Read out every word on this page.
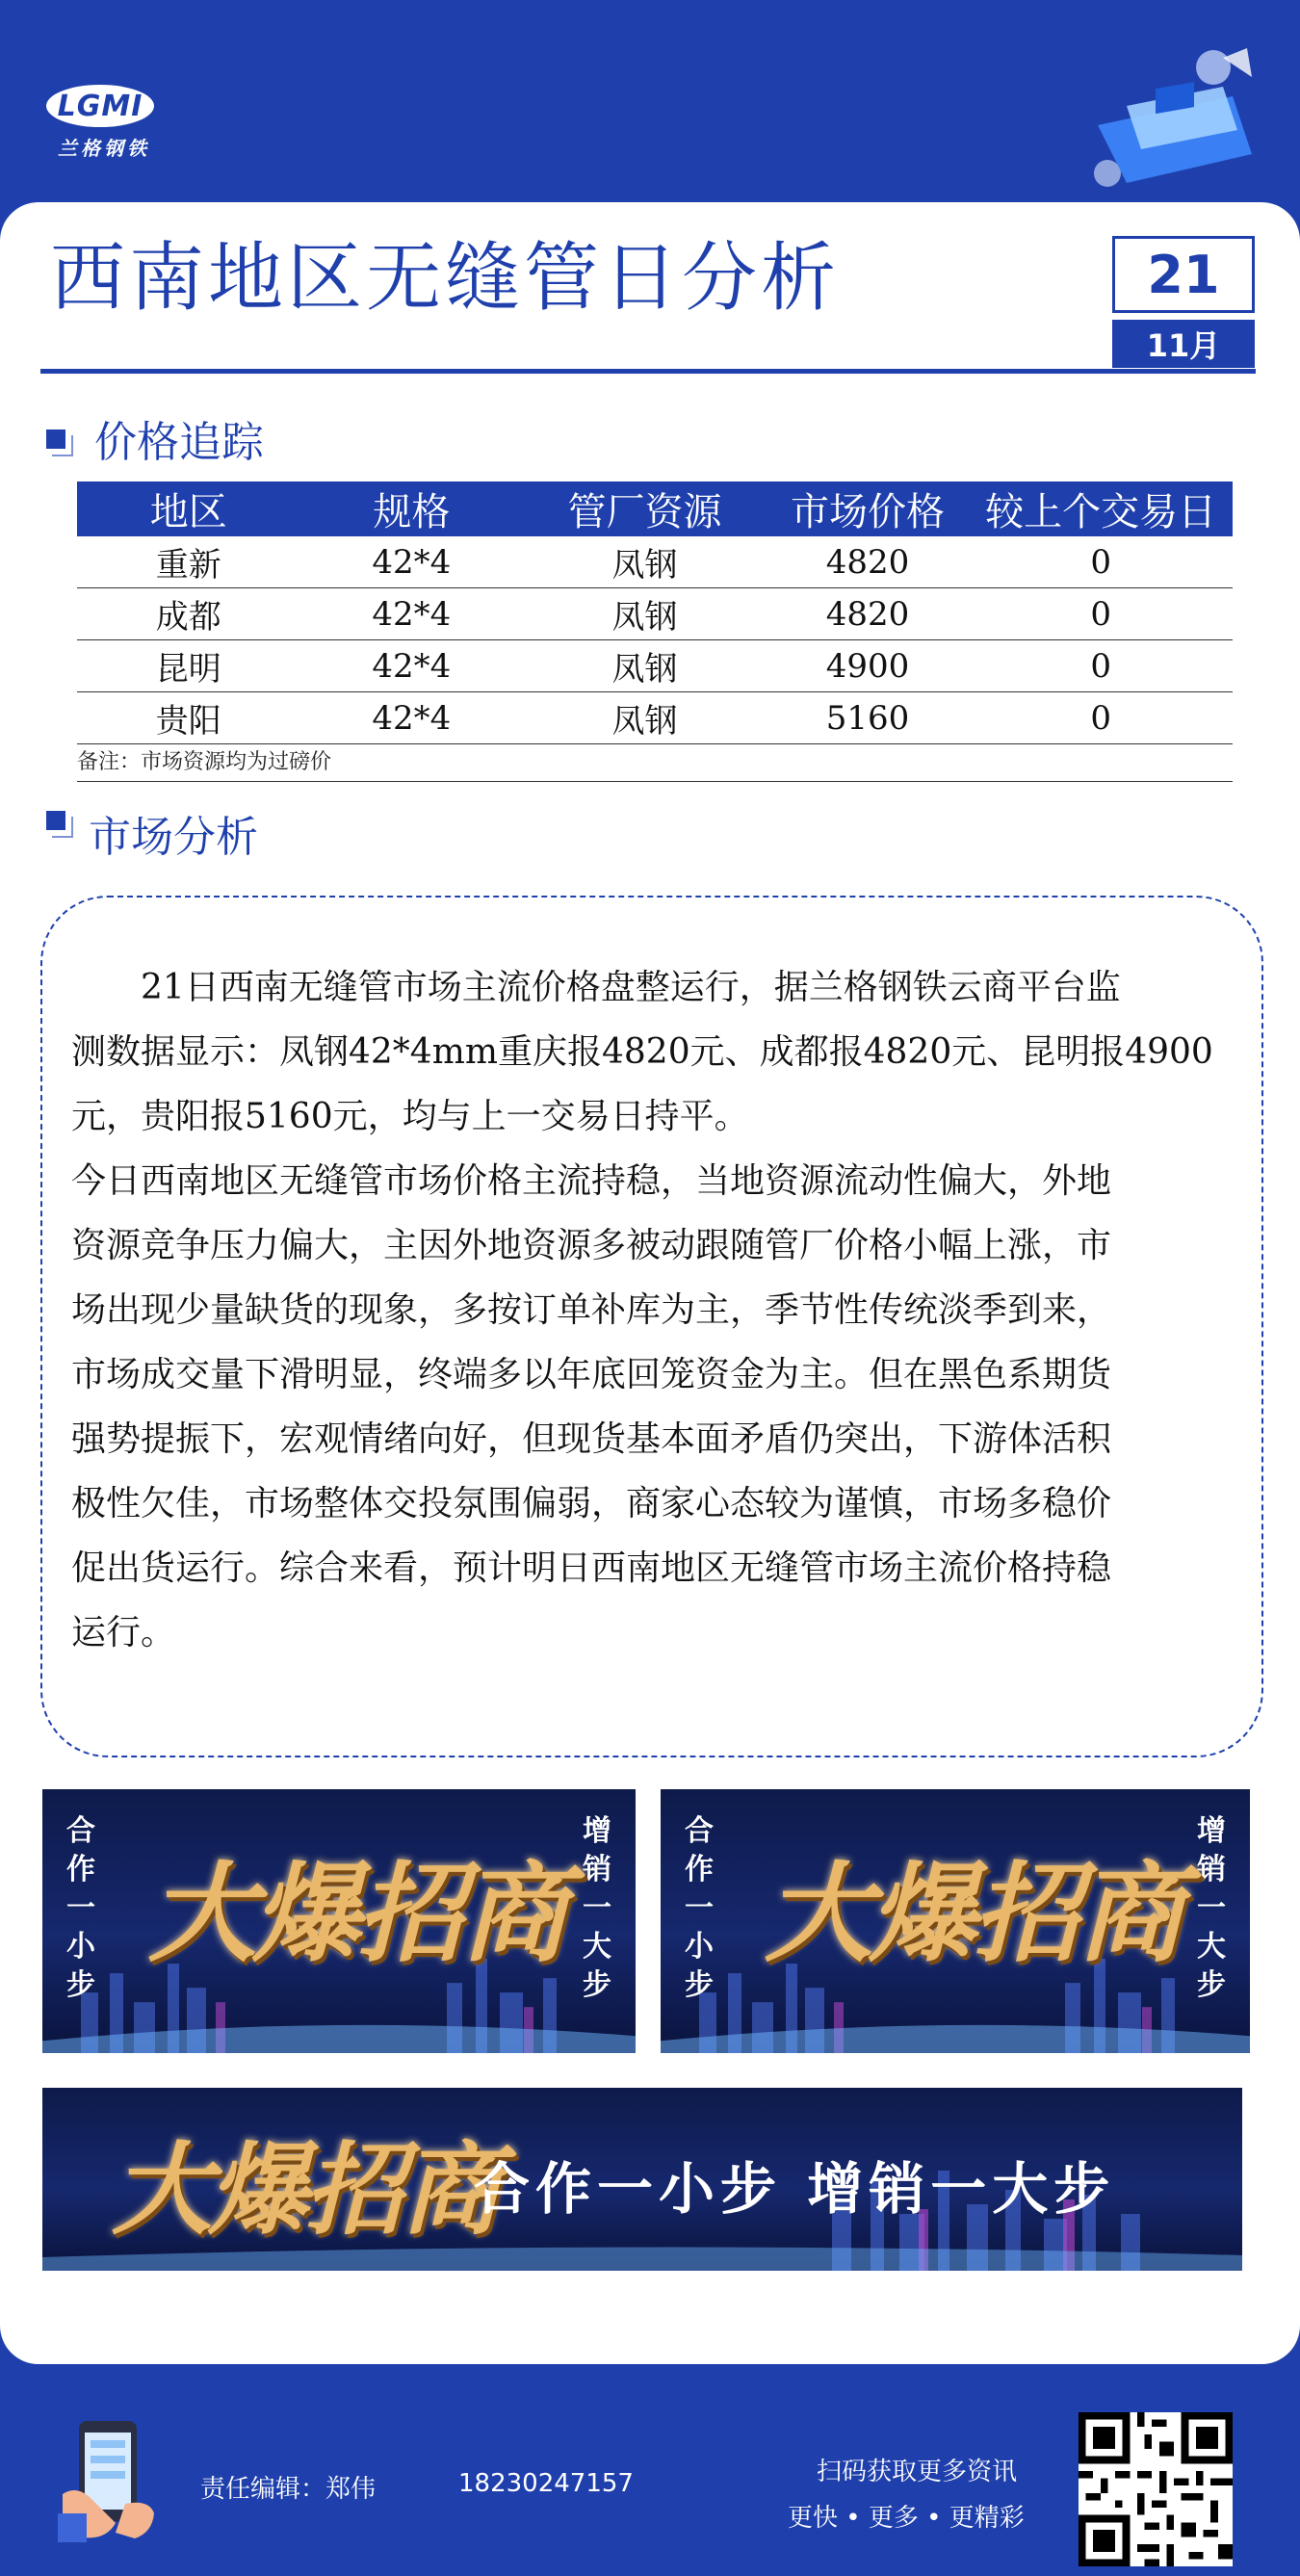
LGMI
兰格钢铁
西南地区无缝管日分析	21
11月
价格追踪
地区	规格	管厂资源	市场价格	较上个交易日
重新	42*4	凤钢	4820	0
成都	42*4	凤钢	4820	0
昆明	42*4	凤钢	4900	0
贵阳	42*4	凤钢	5160	0
备注：市场资源均为过磅价
市场分析

　　21日西南无缝管市场主流价格盘整运行，据兰格钢铁云商平台监

测数据显示：凤钢42*4mm重庆报4820元、成都报4820元、昆明报4900

元，贵阳报5160元，均与上一交易日持平。

今日西南地区无缝管市场价格主流持稳，当地资源流动性偏大，外地

资源竞争压力偏大，主因外地资源多被动跟随管厂价格小幅上涨，市

场出现少量缺货的现象，多按订单补库为主，季节性传统淡季到来，

市场成交量下滑明显，终端多以年底回笼资金为主。但在黑色系期货

强势提振下，宏观情绪向好，但现货基本面矛盾仍突出，下游体活积

极性欠佳，市场整体交投氛围偏弱，商家心态较为谨慎，市场多稳价

促出货运行。综合来看，预计明日西南地区无缝管市场主流价格持稳

运行。

合作一小步
增销一大步
大爆招商
合作一小步
增销一大步
大爆招商
大爆招商
合作一小步 增销一大步
责任编辑：郑伟	18230247157	扫码获取更多资讯
更快 • 更多 • 更精彩
